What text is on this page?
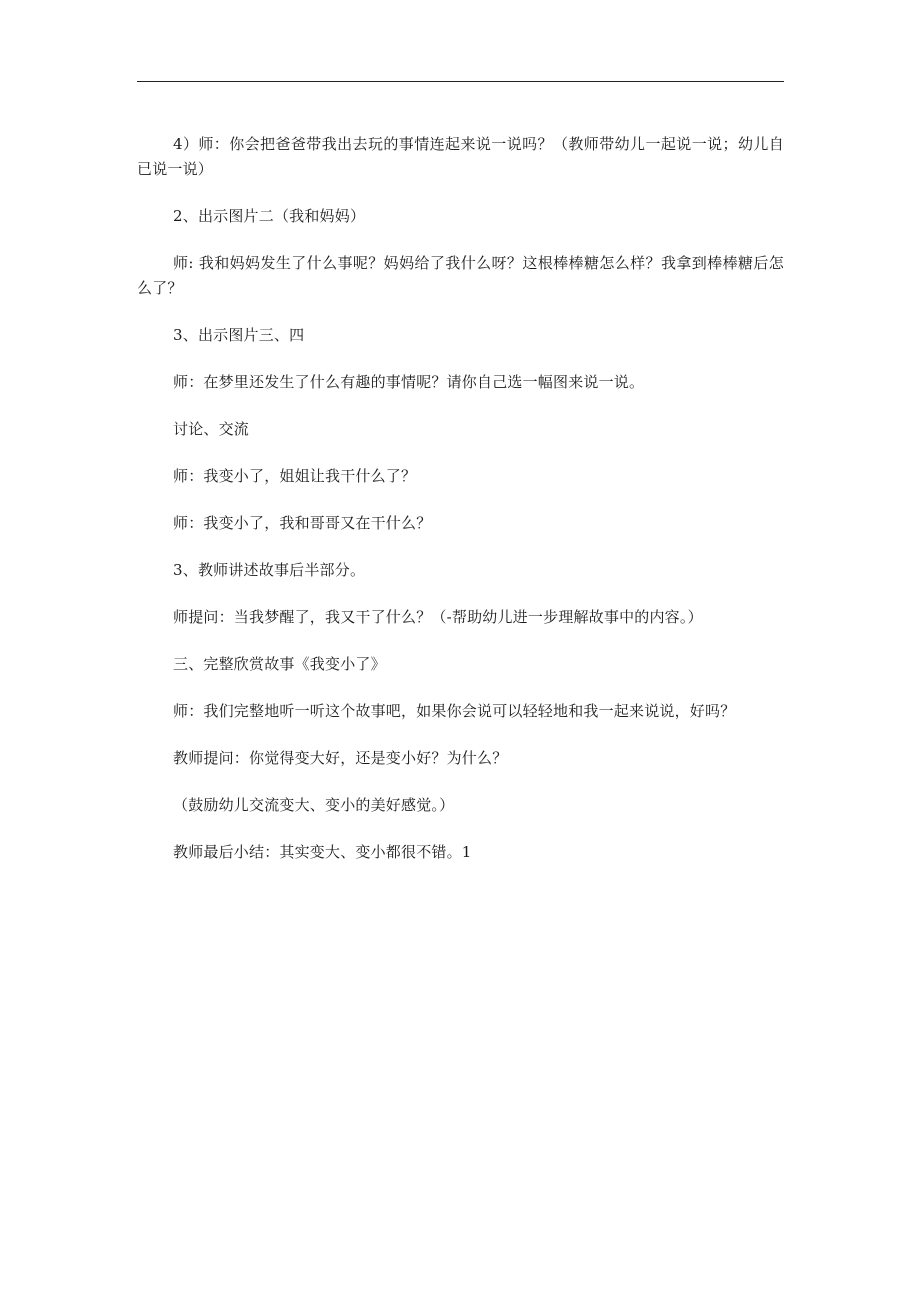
4）师：你会把爸爸带我出去玩的事情连起来说一说吗？（教师带幼儿一起说一说；幼儿自已说一说）

2、出示图片二（我和妈妈）

师: 我和妈妈发生了什么事呢？妈妈给了我什么呀？这根棒棒糖怎么样？我拿到棒棒糖后怎么了？

3、出示图片三、四

师：在梦里还发生了什么有趣的事情呢？请你自己选一幅图来说一说。

讨论、交流

师：我变小了，姐姐让我干什么了？

师：我变小了，我和哥哥又在干什么？

3、教师讲述故事后半部分。

师提问：当我梦醒了，我又干了什么？（-帮助幼儿进一步理解故事中的内容。）

三、完整欣赏故事《我变小了》

师：我们完整地听一听这个故事吧，如果你会说可以轻轻地和我一起来说说，好吗？

教师提问：你觉得变大好，还是变小好？为什么？

（鼓励幼儿交流变大、变小的美好感觉。）

教师最后小结：其实变大、变小都很不错。1
